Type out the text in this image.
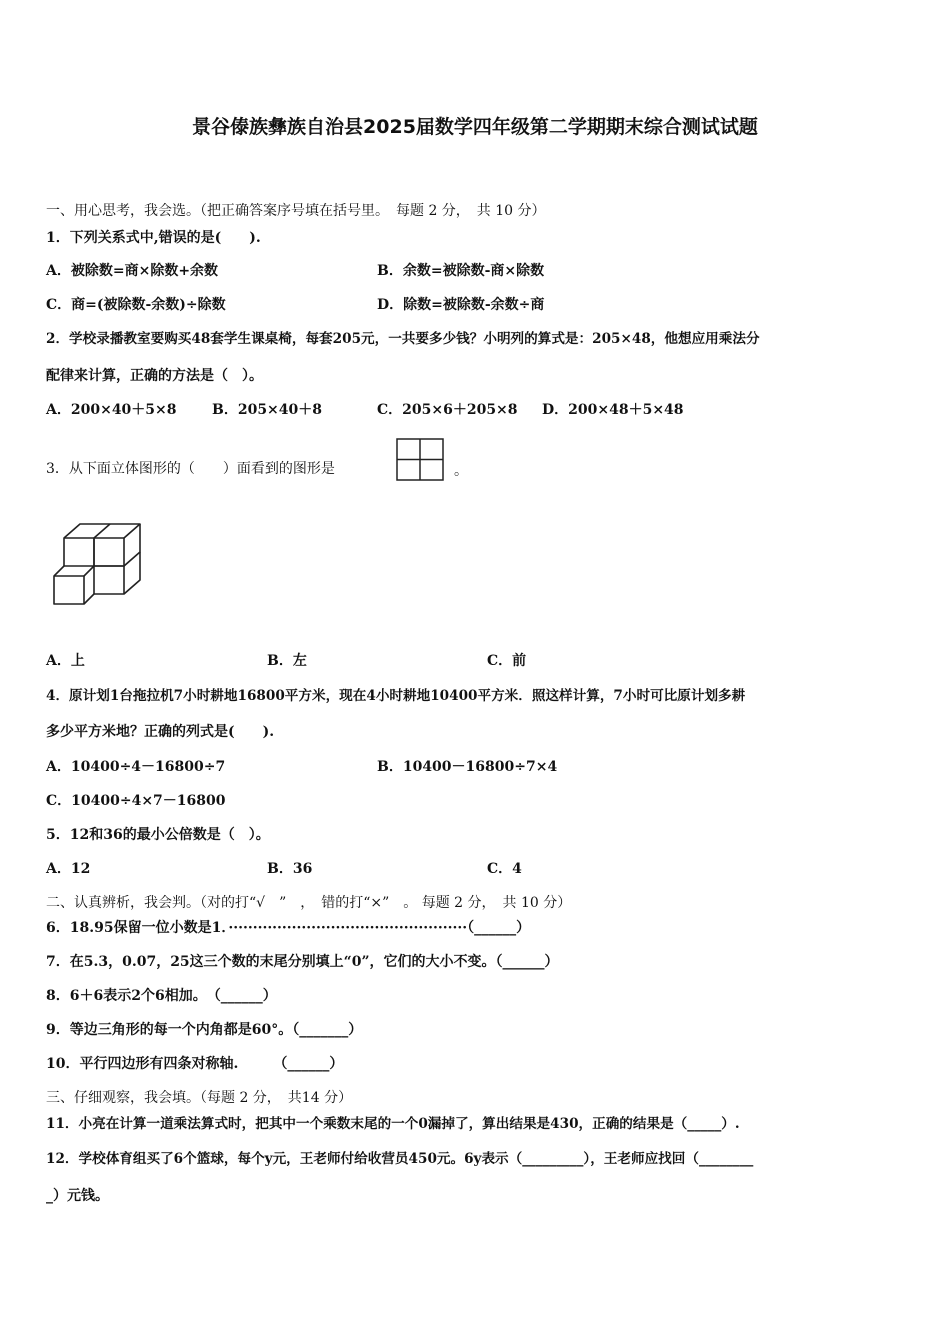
景谷傣族彝族自治县2025届数学四年级第二学期期末综合测试试题
一、用心思考，我会选。（把正确答案序号填在括号里。　每题 2 分，　共 10 分）
1．下列关系式中,错误的是(　　).
A．被除数=商×除数+余数	B．余数=被除数-商×除数
C．商=(被除数-余数)÷除数	D．除数=被除数-余数÷商
2．学校录播教室要购买48套学生课桌椅，每套205元，一共要多少钱？小明列的算式是：205×48，他想应用乘法分
配律来计算，正确的方法是（　）。
A．200×40＋5×8	B．205×40＋8	C．205×6＋205×8 D．200×48＋5×48
3．从下面立体图形的（　　）面看到的图形是	。
A．上	B．左	C．前
4．原计划1台拖拉机7小时耕地16800平方米，现在4小时耕地10400平方米．照这样计算，7小时可比原计划多耕
多少平方米地？正确的列式是(　　).
A．10400÷4－16800÷7	B．10400－16800÷7×4
C．10400÷4×7－16800
5．12和36的最小公倍数是（　）。
A．12	B．36	C．4
二、认真辨析，我会判。（对的打“√　”　，　错的打“×”　。 每题 2 分，　共 10 分）
6．18.95保留一位小数是1．·················································（______）
7．在5.3，0.07，25这三个数的末尾分别填上“0”，它们的大小不变。（______）
8．6＋6表示2个6相加。　（______）
9．等边三角形的每一个内角都是60°。（_______）
10．平行四边形有四条对称轴.　　　（______）
三、仔细观察，我会填。（每题 2 分，　共14 分）
11．小亮在计算一道乘法算式时，把其中一个乘数末尾的一个0漏掉了，算出结果是430，正确的结果是（_____）.
12．学校体育组买了6个篮球，每个y元，王老师付给收营员450元。6y表示（_________），王老师应找回（________
_）元钱。
